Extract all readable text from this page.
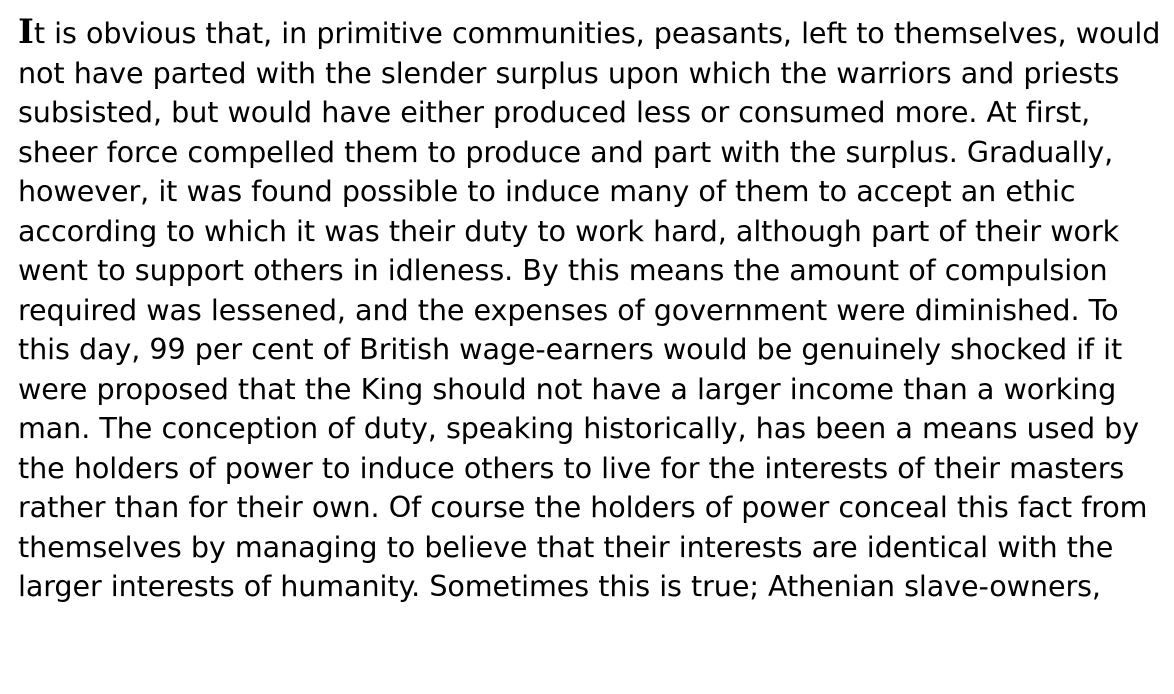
It is obvious that, in primitive communities, peasants, left to themselves, would not have parted with the slender surplus upon which the warriors and priests subsisted, but would have either produced less or consumed more. At first, sheer force compelled them to produce and part with the surplus. Gradually, however, it was found possible to induce many of them to accept an ethic according to which it was their duty to work hard, although part of their work went to support others in idleness. By this means the amount of compulsion required was lessened, and the expenses of government were diminished. To this day, 99 per cent of British wage-earners would be genuinely shocked if it were proposed that the King should not have a larger income than a working man. The conception of duty, speaking historically, has been a means used by the holders of power to induce others to live for the interests of their masters rather than for their own. Of course the holders of power conceal this fact from themselves by managing to believe that their interests are identical with the larger interests of humanity. Sometimes this is true; Athenian slave-owners,
